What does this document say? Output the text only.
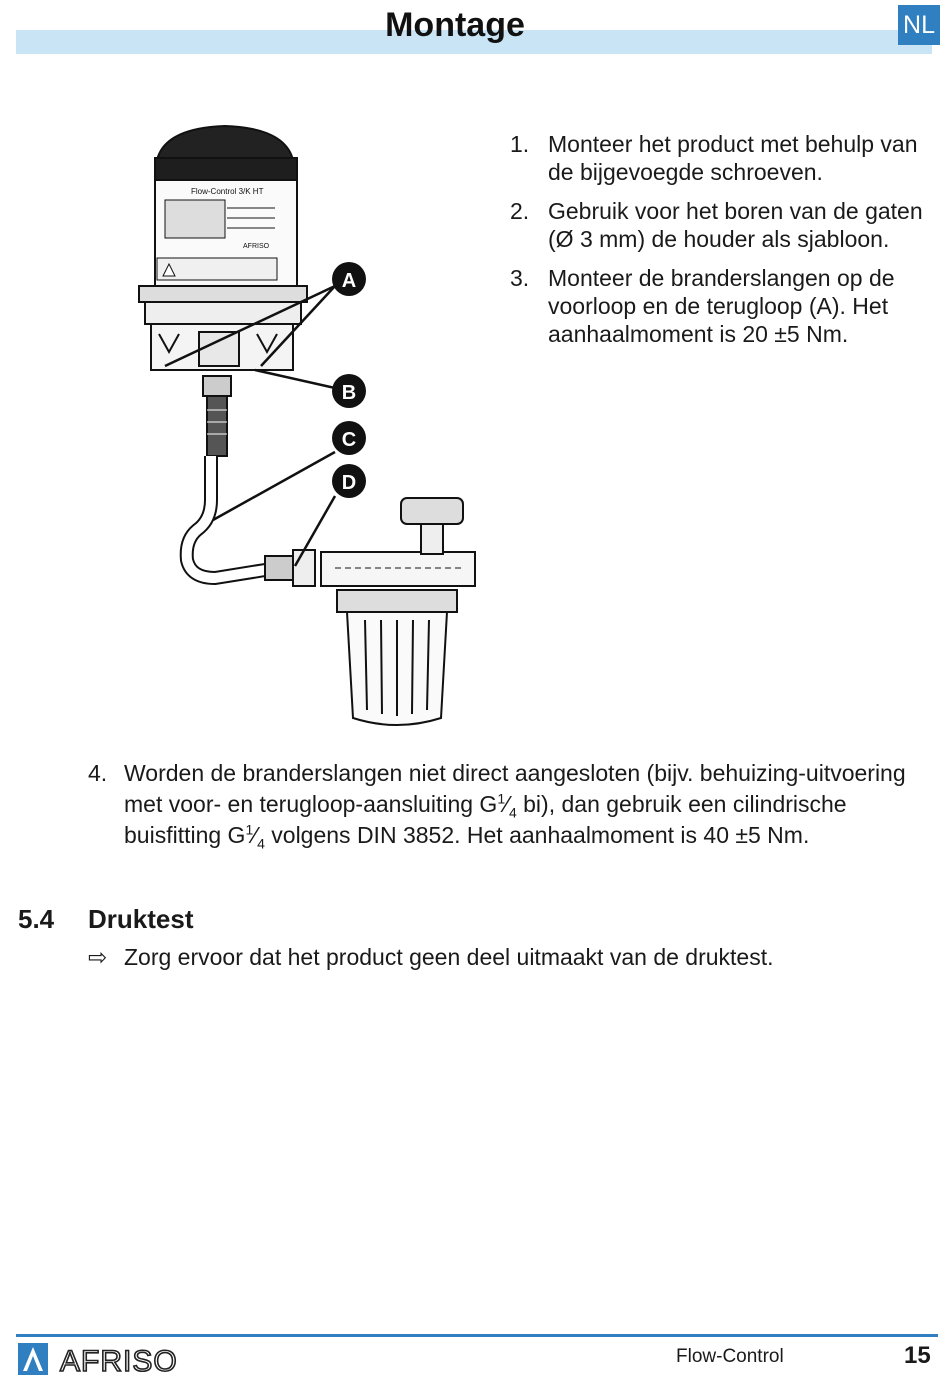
Montage	NL
Flow-Control 3/K HT
AFRISO
A
B
C
D
1. Monteer het product met behulp van de bijgevoegde schroeven.
2. Gebruik voor het boren van de gaten (Ø 3 mm) de houder als sjabloon.
3. Monteer de branderslangen op de voorloop en de terugloop (A). Het aanhaalmoment is 20 ±5 Nm.
4. Worden de branderslangen niet direct aangesloten (bijv. behuizing-uitvoering met voor- en terugloop-aansluiting $G^1⁄_4$ bi), dan gebruik een cilindrische buisfitting $G^1⁄_4$ volgens DIN 3852. Het aanhaalmoment is 40 ±5 Nm.
5.4 Druktest
⇨ Zorg ervoor dat het product geen deel uitmaakt van de druktest.
AFRISO	Flow-Control	15
